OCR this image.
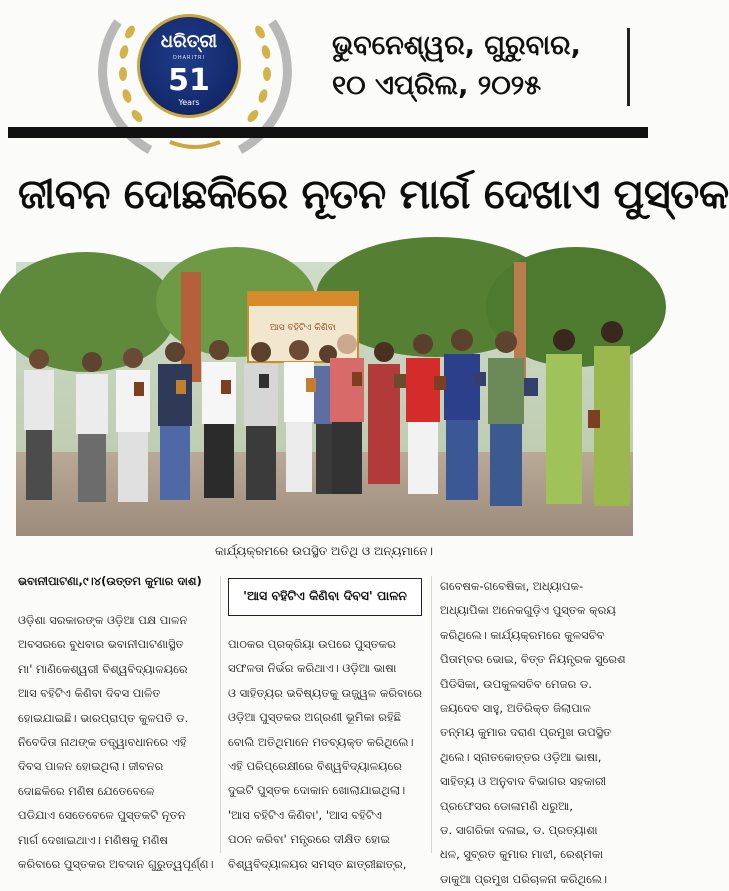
ଧରିତ୍ରୀ
DHARITRI
51
Years
ଭୁବନେଶ୍ୱର, ଗୁରୁବାର,
୧୦ ଏପ୍ରିଲ, ୨୦୨୫
ଜୀବନ ଦୋଛକିରେ ନୂତନ ମାର୍ଗ ଦେଖାଏ ପୁସ୍ତକ
ଆସ ବହିଟିଏ କିଣିବା
କାର୍ଯ୍ୟକ୍ରମରେ ଉପସ୍ଥିତ ଅତିଥି ଓ ଅନ୍ୟମାନେ।
ଭବାନୀପାଟଣା,୯।୪(ଉତ୍ତମ କୁମାର ଦାଶ)

ଓଡ଼ିଶା ସରକାରଙ୍କ ଓଡ଼ିଆ ପକ୍ଷ ପାଳନ

ଅବସରରେ ବୁଧବାର ଭବାନୀପାଟଣାସ୍ଥିତ

ମା' ମାଣିକେଶ୍ୱରୀ ବିଶ୍ୱବିଦ୍ୟାଳୟରେ

ଆସ ବହିଟିଏ କିଣିବା ଦିବସ ପାଳିତ

ହୋଇଯାଇଛି। ଭାରପ୍ରାପ୍ତ କୁଳପତି ଡ.

ନିବେଦିତା ନାଥଙ୍କ ତତ୍ତ୍ୱାବଧାନରେ ଏହି

ଦିବସ ପାଳନ ହୋଇଥିଲା। ଜୀବନର

ଦୋଛକିରେ ମଣିଷ ଯେତେବେଳେ

ପଡିଯାଏ ସେତେବେଳେ ପୁସ୍ତକଟି ନୂତନ

ମାର୍ଗ ଦେଖାଇଥାଏ। ମଣିଷକୁ ମଣିଷ

କରିବାରେ ପୁସ୍ତକର ଅବଦାନ ଗୁରୁତ୍ୱପୂର୍ଣ୍ଣ।

'ଆସ ବହିଟିଏ କିଣିବା ଦିବସ' ପାଳନ

ପାଠକର ପ୍ରକ୍ରିୟା ଉପରେ ପୁସ୍ତକର

ସଫଳତା ନିର୍ଭର କରିଥାଏ। ଓଡ଼ିଆ ଭାଷା

ଓ ସାହିତ୍ୟର ଭବିଷ୍ୟତକୁ ଉଜ୍ଜ୍ୱଳ କରିବାରେ

ଓଡ଼ିଆ ପୁସ୍ତକର ଅଗ୍ରଣୀ ଭୂମିକା ରହିଛି

ବୋଲି ଅତିଥିମାନେ ମତବ୍ୟକ୍ତ କରିଥିଲେ।

ଏହି ପରିପ୍ରେକ୍ଷୀରେ ବିଶ୍ୱବିଦ୍ୟାଳୟରେ

ଦୁଇଟି ପୁସ୍ତକ ଦୋକାନ ଖୋଲାଯାଇଥିଲା।

'ଆସ ବହିଟିଏ କିଣିବା', 'ଆସ ବହିଟିଏ

ପଠନ କରିବା' ମନ୍ତ୍ରରେ ଦୀକ୍ଷିତ ହୋଇ

ବିଶ୍ୱବିଦ୍ୟାଳୟର ସମସ୍ତ ଛାତ୍ରୀଛାତ୍ର,

ଗବେଷକ-ଗବେଷିକା, ଅଧ୍ୟାପକ-

ଅଧ୍ୟାପିକା ଅନେକଗୁଡ଼ିଏ ପୁସ୍ତକ କ୍ରୟ

କରିଥିଲେ। କାର୍ଯ୍ୟକ୍ରମରେ କୁଳସଚିବ

ପିତାମ୍ବର ଭୋଇ, ବିତ୍ତ ନିୟନ୍ତ୍ରକ ସୁରେଶ

ପିଡିସିକା, ଉପକୁଳସଚିବ ମେଜର ଡ.

ଜୟଦେବ ସାହୁ, ଅତିରିକ୍ତ ଜିଲାପାଳ

ତନ୍ମୟ କୁମାର ଦରାଣ ପ୍ରମୁଖ ଉପସ୍ଥିତ

ଥିଲେ। ସ୍ନାତକୋତ୍ତର ଓଡ଼ିଆ ଭାଷା,

ସାହିତ୍ୟ ଓ ଅନୁବାଦ ବିଭାଗର ସହକାରୀ

ପ୍ରଫେସର ଡୋଳାମଣି ଧରୁଆ,

ଡ. ସାଗରିକା ଦଳାଇ, ଡ. ପ୍ରତ୍ୟାଶା

ଧଳ, ସୁବ୍ରତ କୁମାର ମାଝୀ, ରେଶ୍ମକା

ଡାକୁଆ ପ୍ରମୁଖ ପରିଚାଳନା କରିଥିଲେ।
